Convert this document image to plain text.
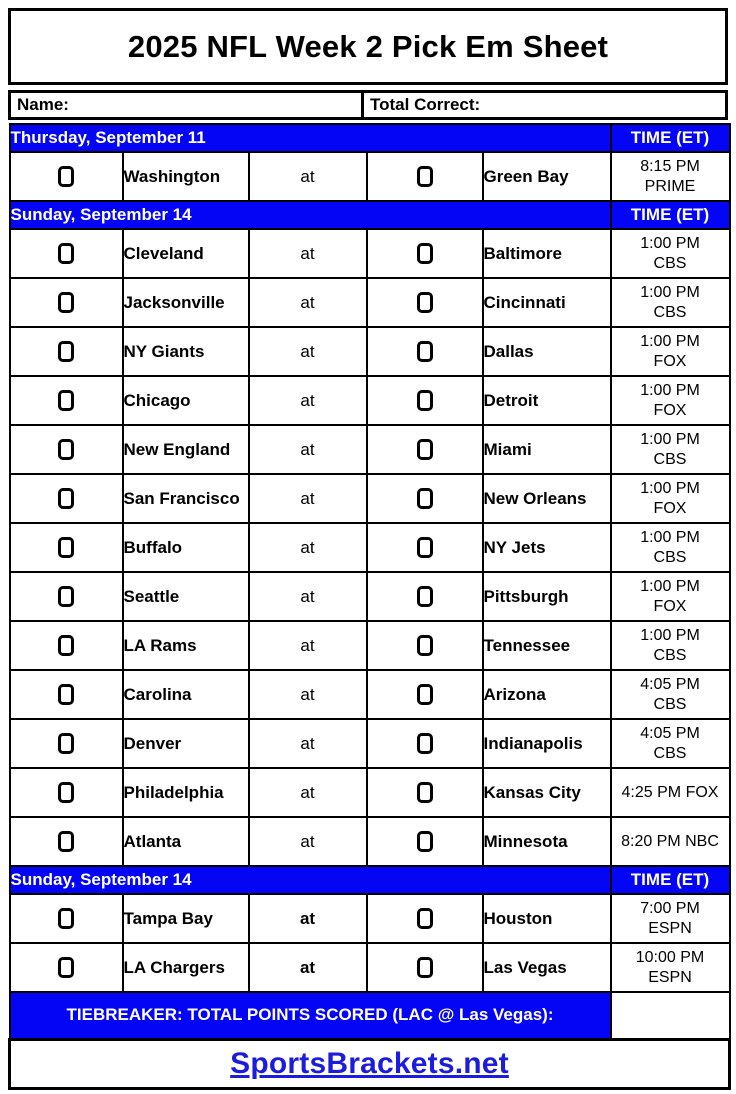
2025 NFL Week 2 Pick Em Sheet
Name:	Total Correct:
Thursday, September 11					TIME (ET)
	Washington	at		Green Bay	8:15 PM
PRIME

Sunday, September 14					TIME (ET)
	Cleveland	at		Baltimore	1:00 PM
CBS

	Jacksonville	at		Cincinnati	1:00 PM
CBS

	NY Giants	at		Dallas	1:00 PM
FOX

	Chicago	at		Detroit	1:00 PM
FOX

	New England	at		Miami	1:00 PM
CBS

	San Francisco	at		New Orleans	1:00 PM
FOX

	Buffalo	at		NY Jets	1:00 PM
CBS

	Seattle	at		Pittsburgh	1:00 PM
FOX

	LA Rams	at		Tennessee	1:00 PM
CBS

	Carolina	at		Arizona	4:05 PM
CBS

	Denver	at		Indianapolis	4:05 PM
CBS

	Philadelphia	at		Kansas City	4:25 PM FOX

	Atlanta	at		Minnesota	8:20 PM NBC

Sunday, September 14					TIME (ET)
	Tampa Bay	at		Houston	7:00 PM
ESPN

	LA Chargers	at		Las Vegas	10:00 PM
ESPN

TIEBREAKER: TOTAL POINTS SCORED (LAC @ Las Vegas):					
SportsBrackets.net					
